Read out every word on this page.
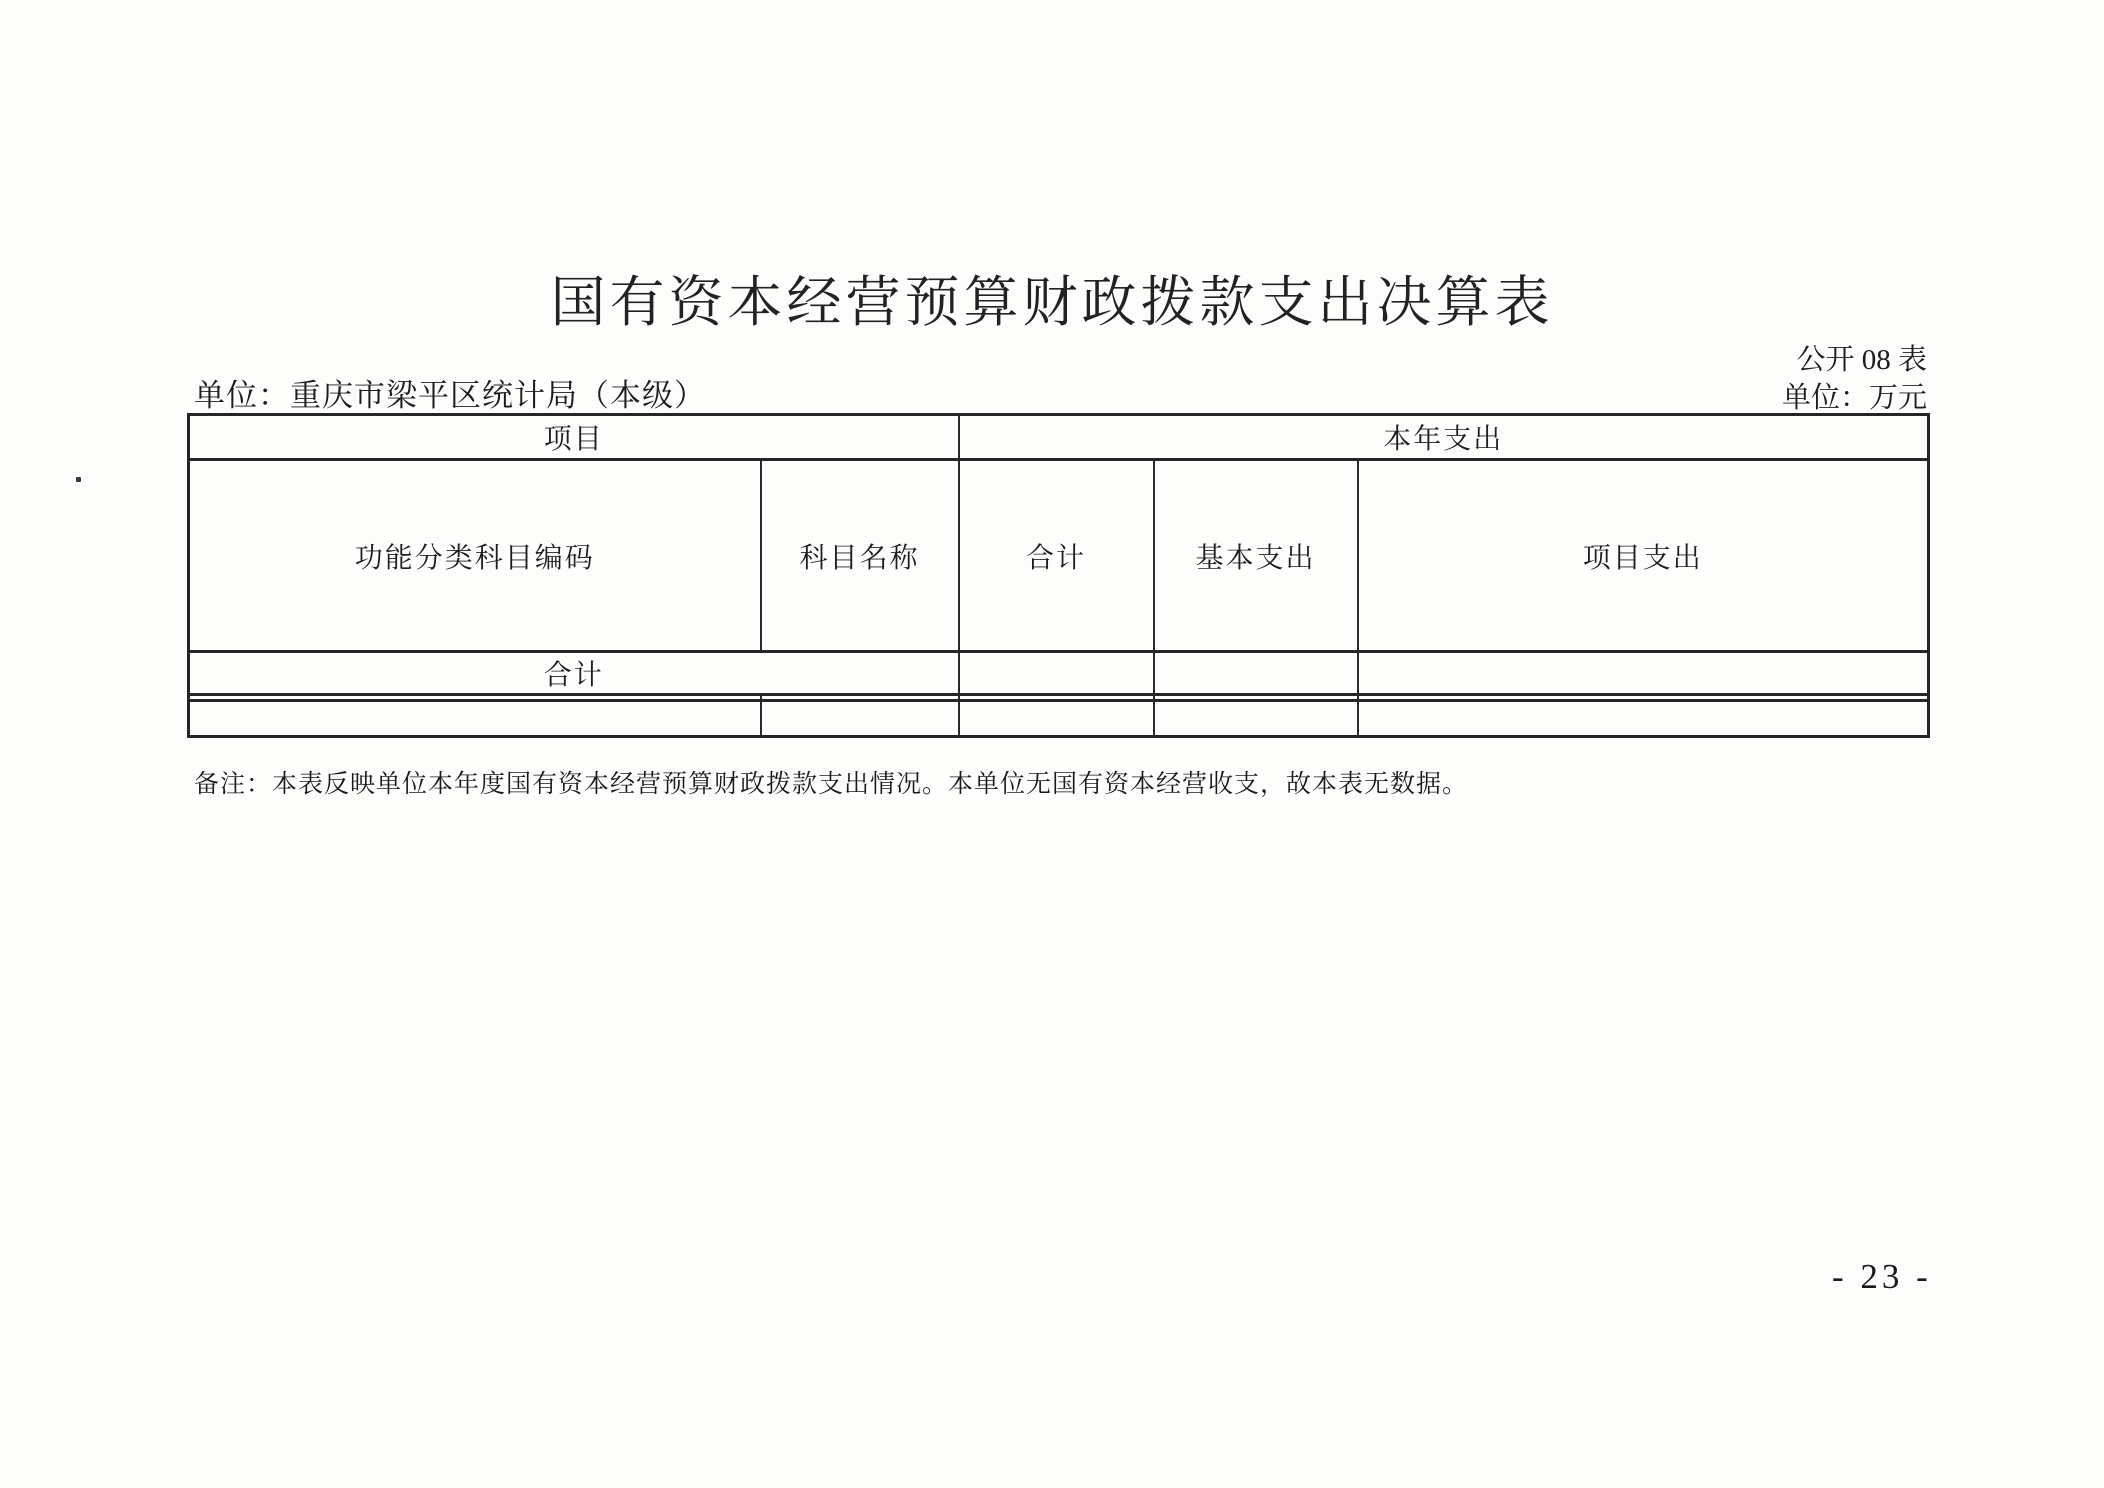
国有资本经营预算财政拨款支出决算表
公开 08 表
单位：万元
单位：重庆市梁平区统计局（本级）
项目		本年支出		
功能分类科目编码	科目名称	合计	基本支出	项目支出
合计				

备注：本表反映单位本年度国有资本经营预算财政拨款支出情况。本单位无国有资本经营收支，故本表无数据。
- 23 -
